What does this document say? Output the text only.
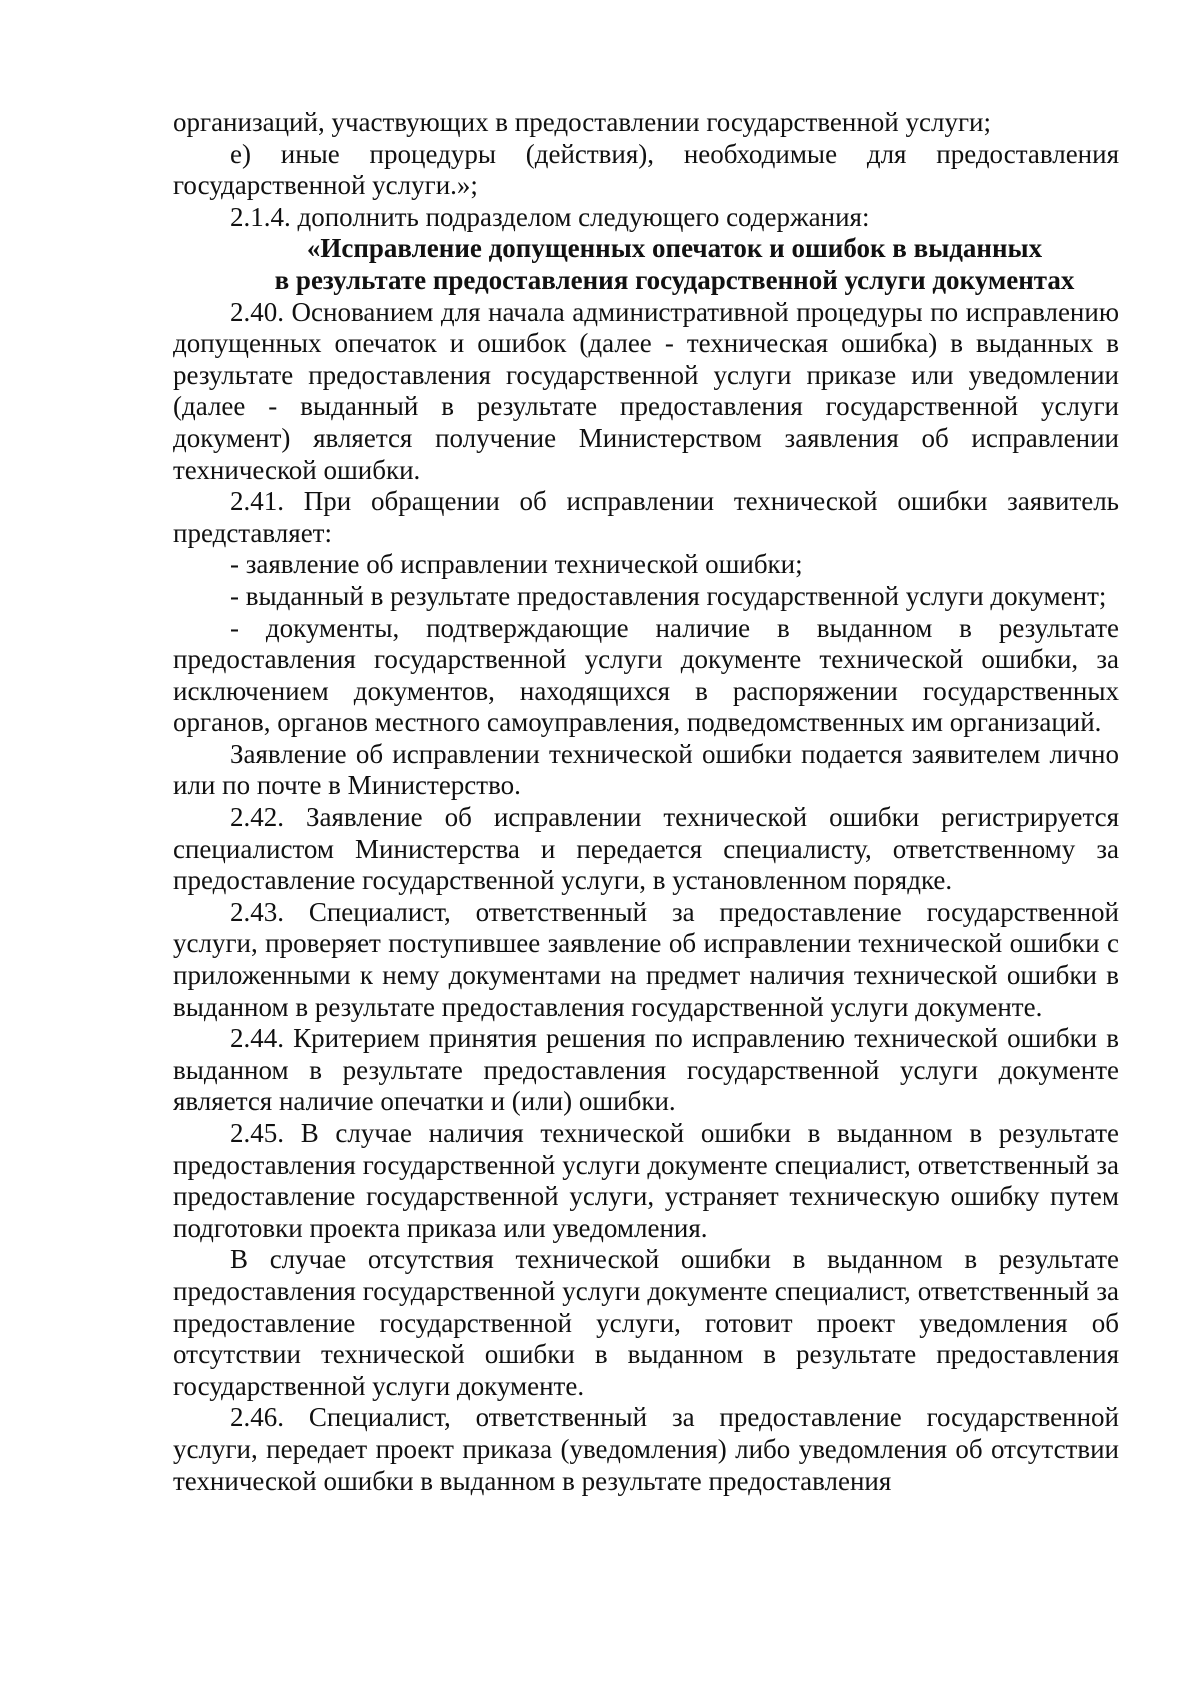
организаций, участвующих в предоставлении государственной услуги;

е) иные процедуры (действия), необходимые для предоставления государственной услуги.»;

2.1.4. дополнить подразделом следующего содержания:

«Исправление допущенных опечаток и ошибок в выданных

в результате предоставления государственной услуги документах

2.40. Основанием для начала административной процедуры по исправлению допущенных опечаток и ошибок (далее - техническая ошибка) в выданных в результате предоставления государственной услуги приказе или уведомлении (далее - выданный в результате предоставления государственной услуги документ) является получение Министерством заявления об исправлении технической ошибки.

2.41. При обращении об исправлении технической ошибки заявитель представляет:

- заявление об исправлении технической ошибки;

- выданный в результате предоставления государственной услуги документ;

- документы, подтверждающие наличие в выданном в результате предоставления государственной услуги документе технической ошибки, за исключением документов, находящихся в распоряжении государственных органов, органов местного самоуправления, подведомственных им организаций.

Заявление об исправлении технической ошибки подается заявителем лично или по почте в Министерство.

2.42. Заявление об исправлении технической ошибки регистрируется специалистом Министерства и передается специалисту, ответственному за предоставление государственной услуги, в установленном порядке.

2.43. Специалист, ответственный за предоставление государственной услуги, проверяет поступившее заявление об исправлении технической ошибки с приложенными к нему документами на предмет наличия технической ошибки в выданном в результате предоставления государственной услуги документе.

2.44. Критерием принятия решения по исправлению технической ошибки в выданном в результате предоставления государственной услуги документе является наличие опечатки и (или) ошибки.

2.45. В случае наличия технической ошибки в выданном в результате предоставления государственной услуги документе специалист, ответственный за предоставление государственной услуги, устраняет техническую ошибку путем подготовки проекта приказа или уведомления.

В случае отсутствия технической ошибки в выданном в результате предоставления государственной услуги документе специалист, ответственный за предоставление государственной услуги, готовит проект уведомления об отсутствии технической ошибки в выданном в результате предоставления государственной услуги документе.

2.46. Специалист, ответственный за предоставление государственной услуги, передает проект приказа (уведомления) либо уведомления об отсутствии технической ошибки в выданном в результате предоставления
